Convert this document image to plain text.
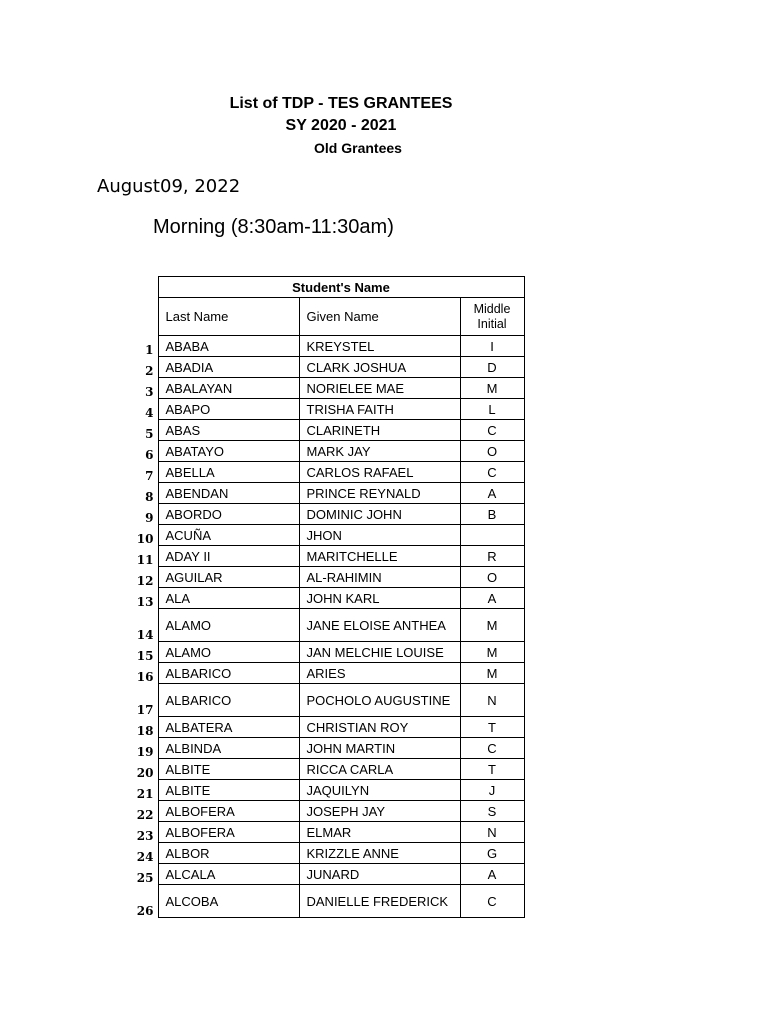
List of TDP - TES GRANTEES
SY 2020 - 2021
Old Grantees
August09, 2022
Morning (8:30am-11:30am)
	Student's Name		
	Last Name	Given Name	Middle Initial
1	ABABA	KREYSTEL	I
2	ABADIA	CLARK JOSHUA	D
3	ABALAYAN	NORIELEE MAE	M
4	ABAPO	TRISHA FAITH	L
5	ABAS	CLARINETH	C
6	ABATAYO	MARK JAY	O
7	ABELLA	CARLOS RAFAEL	C
8	ABENDAN	PRINCE REYNALD	A
9	ABORDO	DOMINIC JOHN	B
10	ACUÑA	JHON	
11	ADAY II	MARITCHELLE	R
12	AGUILAR	AL-RAHIMIN	O
13	ALA	JOHN KARL	A
14	ALAMO	JANE ELOISE ANTHEA	M
15	ALAMO	JAN MELCHIE LOUISE	M
16	ALBARICO	ARIES	M
17	ALBARICO	POCHOLO AUGUSTINE	N
18	ALBATERA	CHRISTIAN ROY	T
19	ALBINDA	JOHN MARTIN	C
20	ALBITE	RICCA CARLA	T
21	ALBITE	JAQUILYN	J
22	ALBOFERA	JOSEPH JAY	S
23	ALBOFERA	ELMAR	N
24	ALBOR	KRIZZLE ANNE	G
25	ALCALA	JUNARD	A
26	ALCOBA	DANIELLE FREDERICK	C
